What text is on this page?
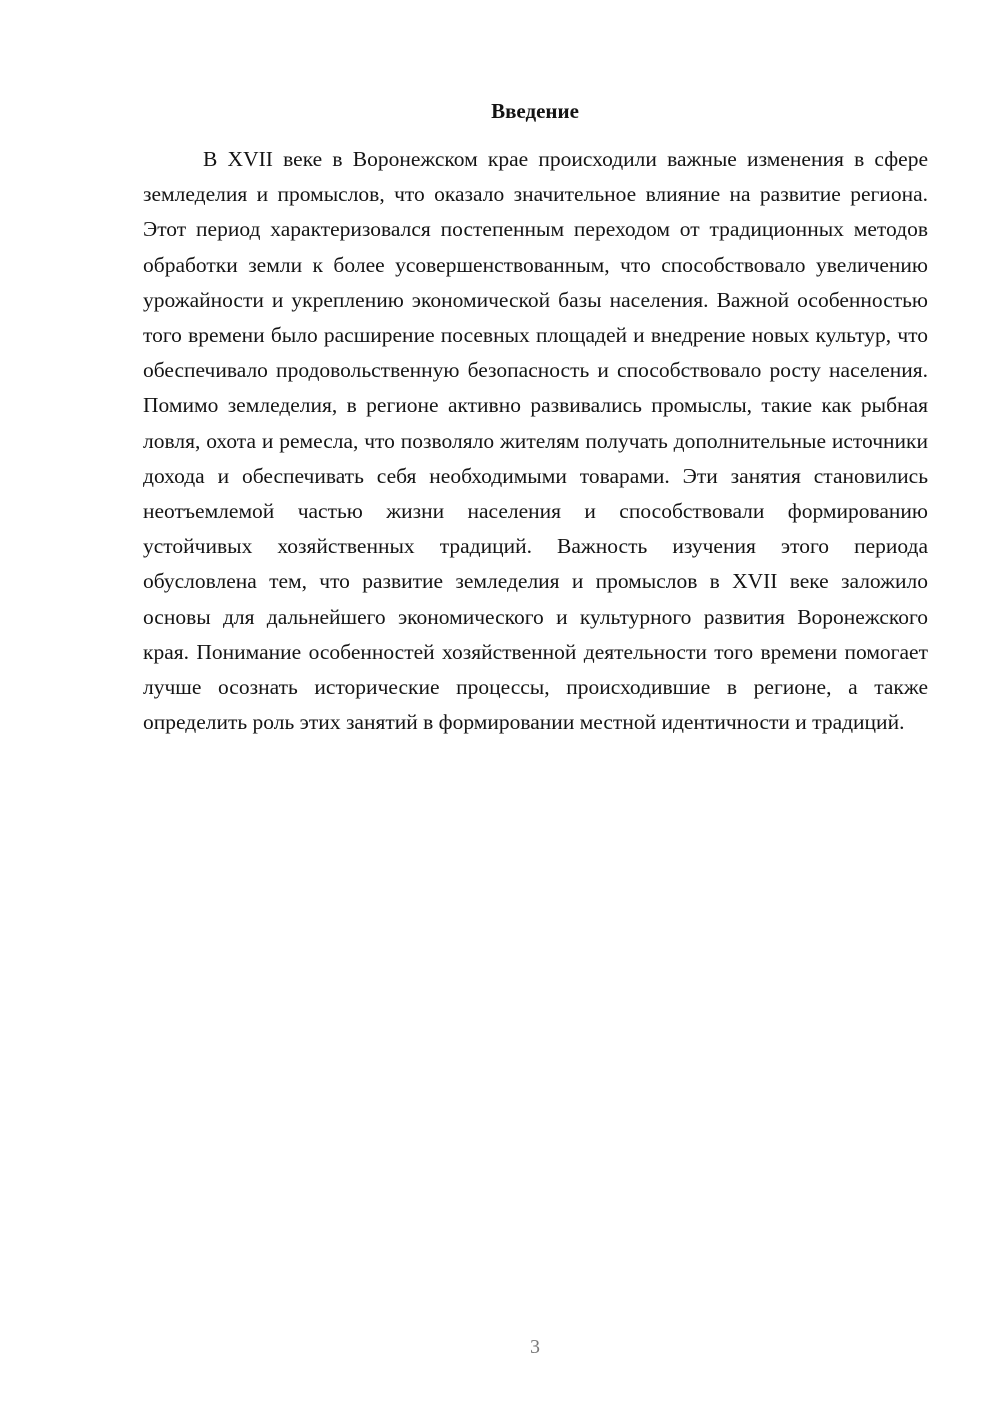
Введение

В XVII веке в Воронежском крае происходили важные изменения в сфере земледелия и промыслов, что оказало значительное влияние на развитие региона. Этот период характеризовался постепенным переходом от традиционных методов обработки земли к более усовершенствованным, что способствовало увеличению урожайности и укреплению экономической базы населения. Важной особенностью того времени было расширение посевных площадей и внедрение новых культур, что обеспечивало продовольственную безопасность и способствовало росту населения. Помимо земледелия, в регионе активно развивались промыслы, такие как рыбная ловля, охота и ремесла, что позволяло жителям получать дополнительные источники дохода и обеспечивать себя необходимыми товарами. Эти занятия становились неотъемлемой частью жизни населения и способствовали формированию устойчивых хозяйственных традиций. Важность изучения этого периода обусловлена тем, что развитие земледелия и промыслов в XVII веке заложило основы для дальнейшего экономического и культурного развития Воронежского края. Понимание особенностей хозяйственной деятельности того времени помогает лучше осознать исторические процессы, происходившие в регионе, а также определить роль этих занятий в формировании местной идентичности и традиций.

3
